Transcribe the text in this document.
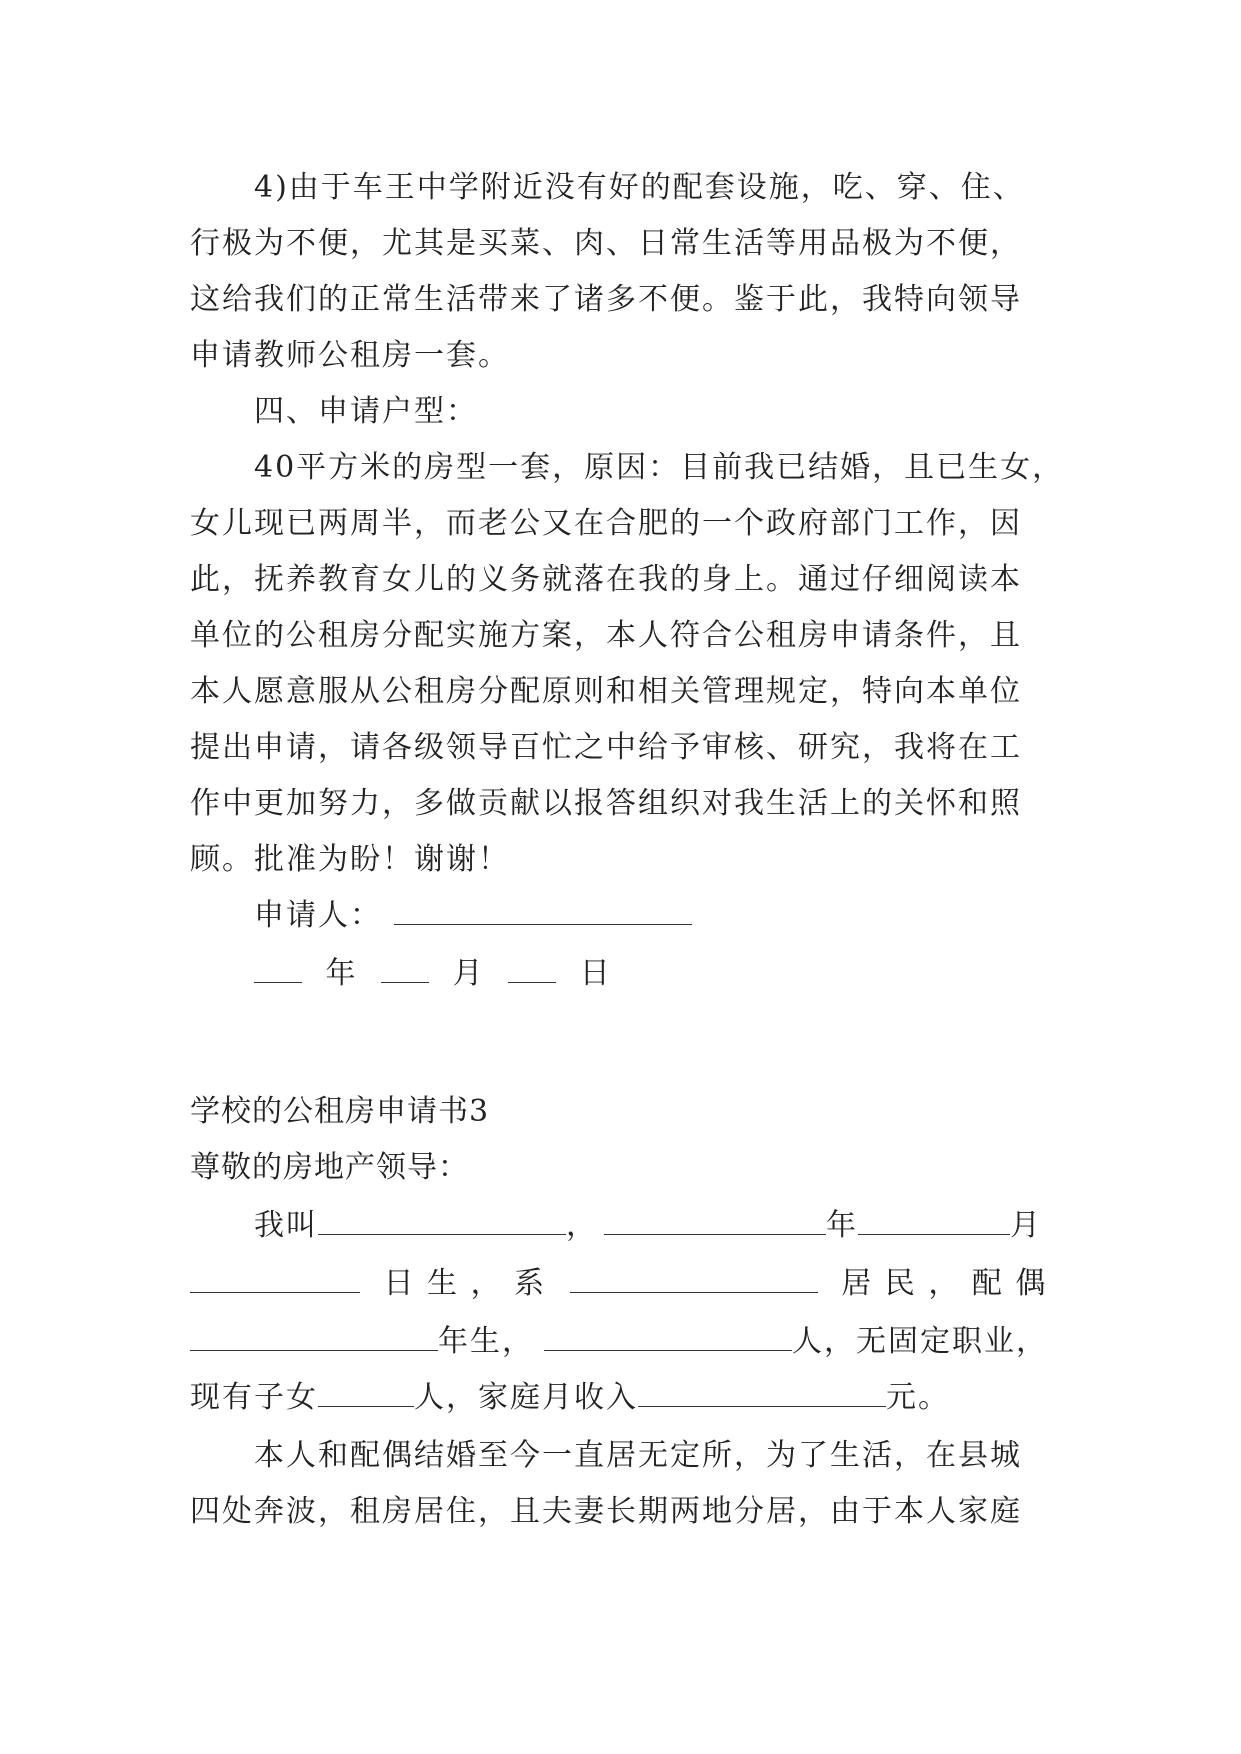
4)由于车王中学附近没有好的配套设施，吃、穿、住、
行极为不便，尤其是买菜、肉、日常生活等用品极为不便，
这给我们的正常生活带来了诸多不便。鉴于此，我特向领导
申请教师公租房一套。
四、申请户型：
40平方米的房型一套，原因：目前我已结婚，且已生女，
女儿现已两周半，而老公又在合肥的一个政府部门工作，因
此，抚养教育女儿的义务就落在我的身上。通过仔细阅读本
单位的公租房分配实施方案，本人符合公租房申请条件，且
本人愿意服从公租房分配原则和相关管理规定，特向本单位
提出申请，请各级领导百忙之中给予审核、研究，我将在工
作中更加努力，多做贡献以报答组织对我生活上的关怀和照
顾。批准为盼！谢谢！
申请人：
年	月	日
学校的公租房申请书3
尊敬的房地产领导：
我叫	，	年	月
日 生 ， 系	居 民 ， 配 偶
年生，	人，无固定职业，
现有子女	人，家庭月收入	元。
本人和配偶结婚至今一直居无定所，为了生活，在县城
四处奔波，租房居住，且夫妻长期两地分居，由于本人家庭
